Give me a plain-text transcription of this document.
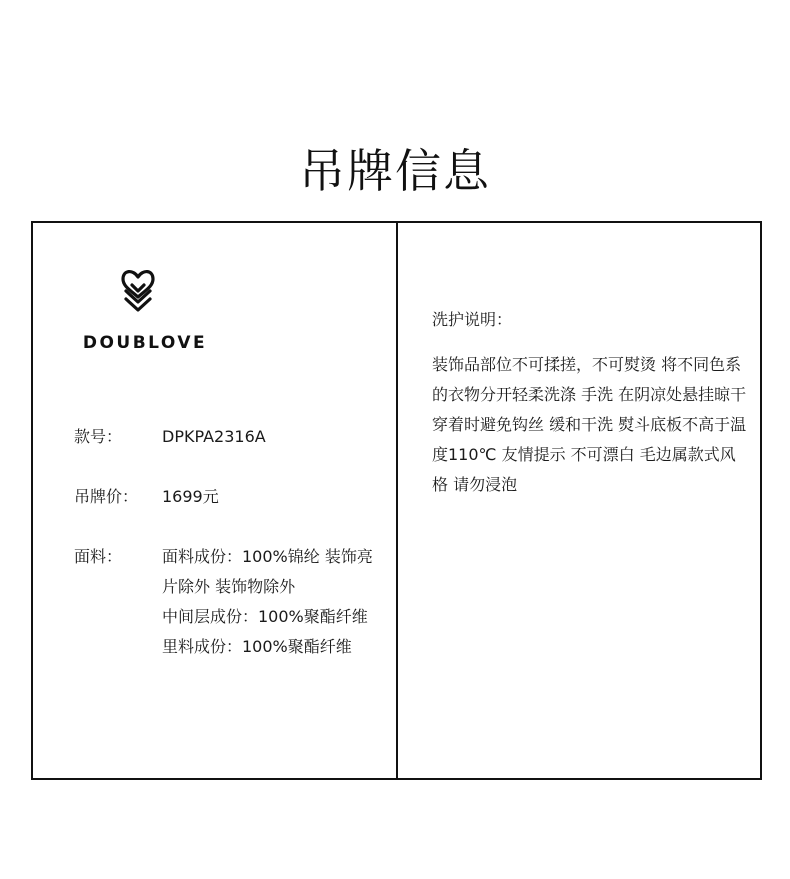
吊牌信息
DOUBLOVE
款号：	DPKPA2316A
吊牌价：	1699元
面料：	面料成份：100%锦纶 装饰亮片除外 装饰物除外
中间层成份：100%聚酯纤维
里料成份：100%聚酯纤维
洗护说明：
装饰品部位不可揉搓，不可熨烫 将不同色系的衣物分开轻柔洗涤 手洗 在阴凉处悬挂晾干 穿着时避免钩丝 缓和干洗 熨斗底板不高于温度110℃ 友情提示 不可漂白 毛边属款式风格 请勿浸泡
